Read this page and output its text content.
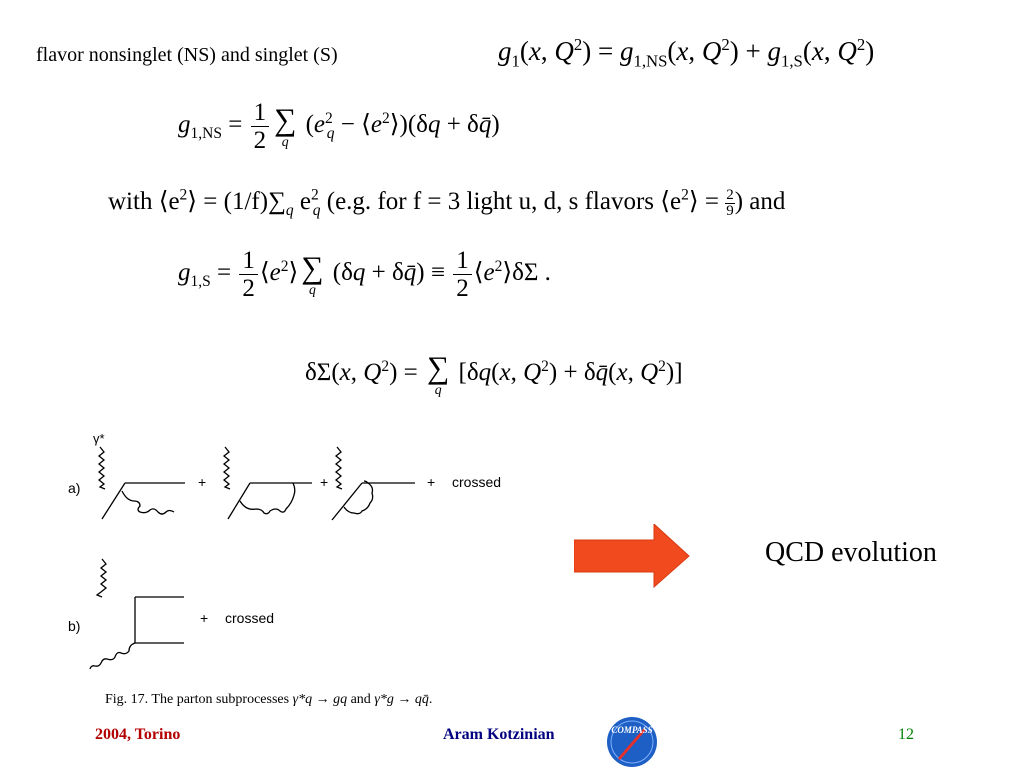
flavor nonsinglet (NS) and singlet (S)	$g_1(x$, $Q^2) = g_{1,NS}(x$, $Q^2) + g_{1,S}(x$, $Q^2$)
$g_{1,NS} = \frac{1}{2}$ ∑
q
($e^2_q$ − $⟨e^2⟩)(\delta q$ + δq̄)
with $⟨e^2⟩ = (1/f)\sum_q$ $e^2_q$ (e.g. for f = 3 light u, d, s flavors $⟨e^2⟩ = \frac{2}{9}$) and
$g_{1,S} = \frac{1}{2}$ $⟨e^2⟩$ ∑
q
(δq + δq̄) ≡ $\frac{1}{2}$ $⟨e^2⟩\delta\Sigma$ .
δΣ(x, $Q^2$) = ∑
q
[δq(x, $Q^2$) + δq̄(x, $Q^2$)]
γ*
a)	+	+	+ crossed
b)	+ crossed
Fig. 17. The parton subprocesses γ*q → gq and γ*g → qq̄.
QCD evolution
2004, Torino	Aram Kotzinian	COMPASS	12
